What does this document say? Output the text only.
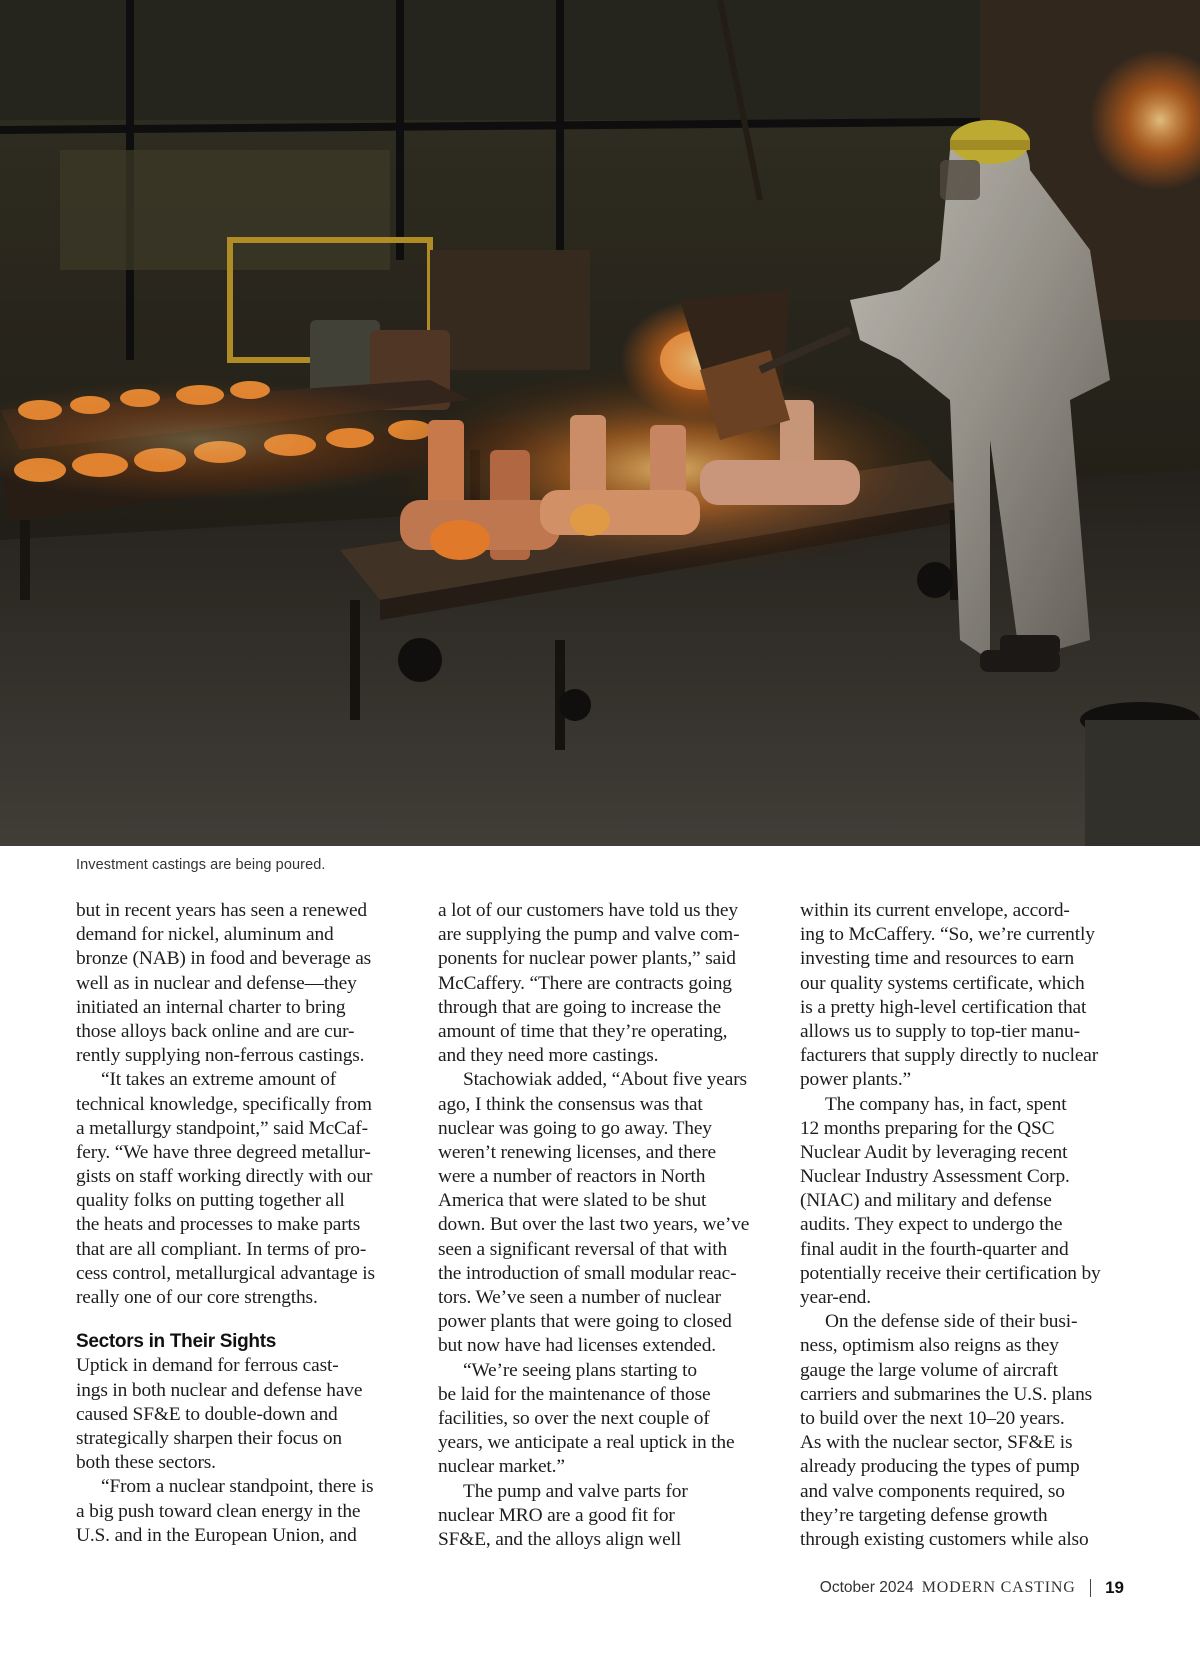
Investment castings are being poured.
but in recent years has seen a renewed
demand for nickel, aluminum and
bronze (NAB) in food and beverage as
well as in nuclear and defense—they
initiated an internal charter to bring
those alloys back online and are cur-
rently supplying non-ferrous castings.
“It takes an extreme amount of
technical knowledge, specifically from
a metallurgy standpoint,” said McCaf-
fery. “We have three degreed metallur-
gists on staff working directly with our
quality folks on putting together all
the heats and processes to make parts
that are all compliant. In terms of pro-
cess control, metallurgical advantage is
really one of our core strengths.
Sectors in Their Sights
Uptick in demand for ferrous cast-
ings in both nuclear and defense have
caused SF&E to double-down and
strategically sharpen their focus on
both these sectors.
“From a nuclear standpoint, there is
a big push toward clean energy in the
U.S. and in the European Union, and
a lot of our customers have told us they
are supplying the pump and valve com-
ponents for nuclear power plants,” said
McCaffery. “There are contracts going
through that are going to increase the
amount of time that they’re operating,
and they need more castings.
Stachowiak added, “About five years
ago, I think the consensus was that
nuclear was going to go away. They
weren’t renewing licenses, and there
were a number of reactors in North
America that were slated to be shut
down. But over the last two years, we’ve
seen a significant reversal of that with
the introduction of small modular reac-
tors. We’ve seen a number of nuclear
power plants that were going to closed
but now have had licenses extended.
“We’re seeing plans starting to
be laid for the maintenance of those
facilities, so over the next couple of
years, we anticipate a real uptick in the
nuclear market.”
The pump and valve parts for
nuclear MRO are a good fit for
SF&E, and the alloys align well
within its current envelope, accord-
ing to McCaffery. “So, we’re currently
investing time and resources to earn
our quality systems certificate, which
is a pretty high-level certification that
allows us to supply to top-tier manu-
facturers that supply directly to nuclear
power plants.”
The company has, in fact, spent
12 months preparing for the QSC
Nuclear Audit by leveraging recent
Nuclear Industry Assessment Corp.
(NIAC) and military and defense
audits. They expect to undergo the
final audit in the fourth-quarter and
potentially receive their certification by
year-end.
On the defense side of their busi-
ness, optimism also reigns as they
gauge the large volume of aircraft
carriers and submarines the U.S. plans
to build over the next 10–20 years.
As with the nuclear sector, SF&E is
already producing the types of pump
and valve components required, so
they’re targeting defense growth
through existing customers while also
October 2024 MODERN CASTING 19
